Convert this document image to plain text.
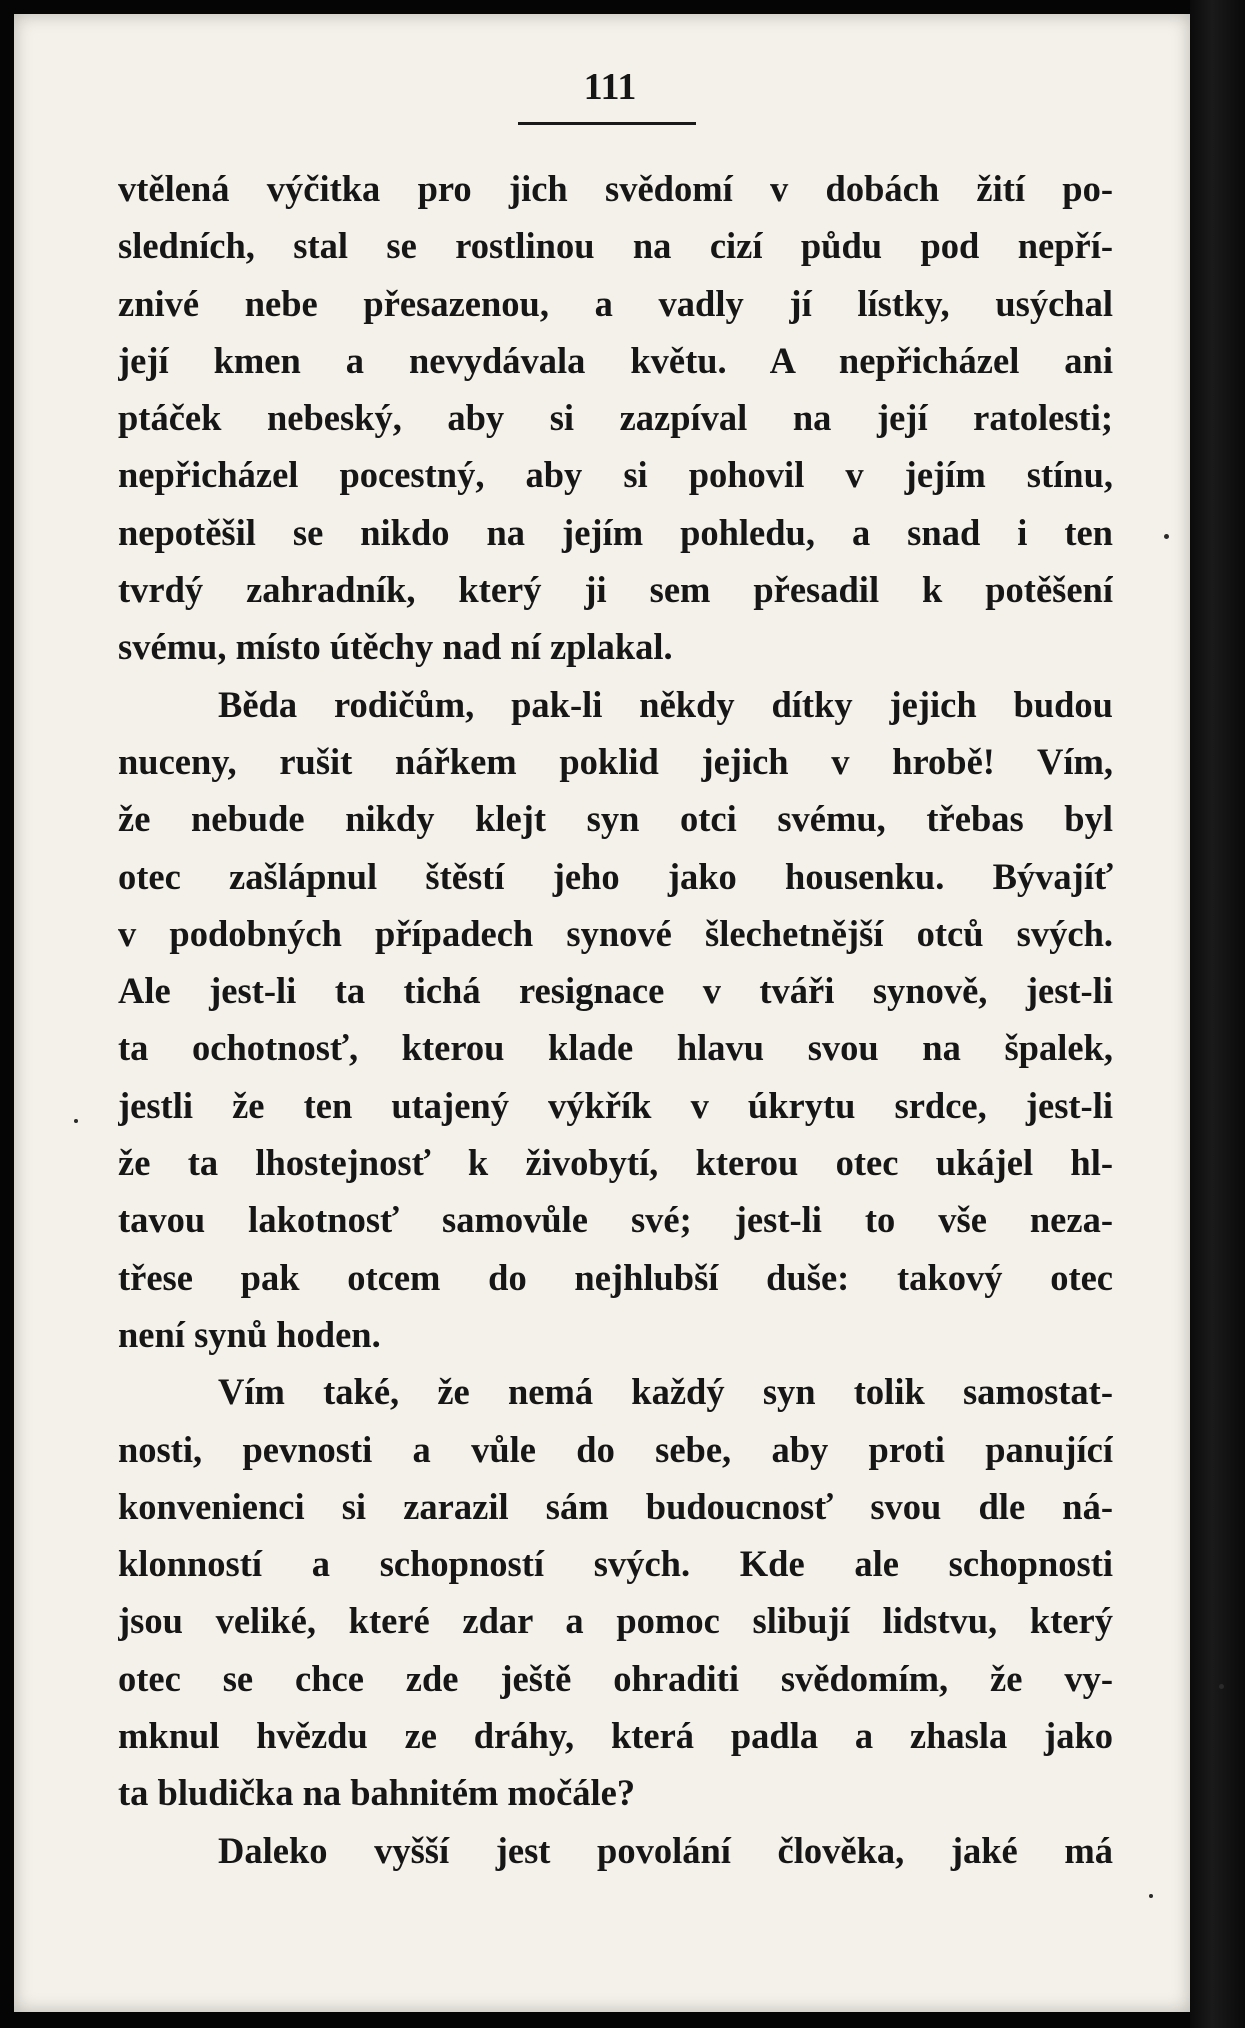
111
vtělená výčitka pro jich svědomí v dobách žití po-
sledních, stal se rostlinou na cizí půdu pod nepří-
znivé nebe přesazenou, a vadly jí lístky, usýchal
její kmen a nevydávala květu. A nepřicházel ani
ptáček nebeský, aby si zazpíval na její ratolesti;
nepřicházel pocestný, aby si pohovil v jejím stínu,
nepotěšil se nikdo na jejím pohledu, a snad i ten
tvrdý zahradník, který ji sem přesadil k potěšení
svému, místo útěchy nad ní zplakal.
Běda rodičům, pak-li někdy dítky jejich budou
nuceny, rušit nářkem poklid jejich v hrobě! Vím,
že nebude nikdy klejt syn otci svému, třebas byl
otec zašlápnul štěstí jeho jako housenku. Bývajíť
v podobných případech synové šlechetnější otců svých.
Ale jest-li ta tichá resignace v tváři synově, jest-li
ta ochotnosť, kterou klade hlavu svou na špalek,
jestli že ten utajený výkřík v úkrytu srdce, jest-li
že ta lhostejnosť k živobytí, kterou otec ukájel hl-
tavou lakotnosť samovůle své; jest-li to vše neza-
třese pak otcem do nejhlubší duše: takový otec
není synů hoden.
Vím také, že nemá každý syn tolik samostat-
nosti, pevnosti a vůle do sebe, aby proti panující
konvenienci si zarazil sám budoucnosť svou dle ná-
klonností a schopností svých. Kde ale schopnosti
jsou veliké, které zdar a pomoc slibují lidstvu, který
otec se chce zde ještě ohraditi svědomím, že vy-
mknul hvězdu ze dráhy, která padla a zhasla jako
ta bludička na bahnitém močále?
Daleko vyšší jest povolání člověka, jaké má
